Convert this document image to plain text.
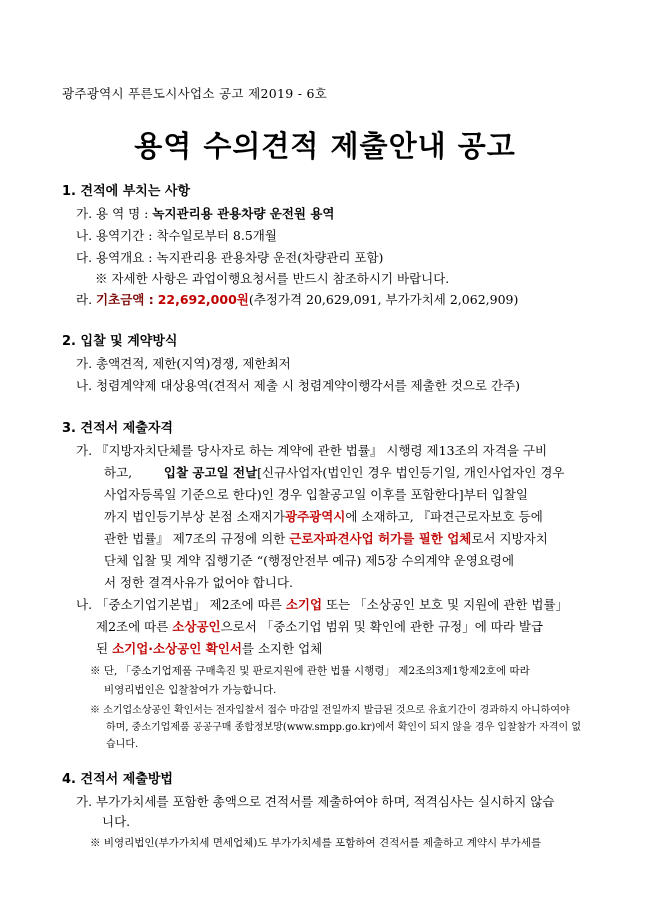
광주광역시 푸른도시사업소 공고 제2019 - 6호
용역 수의견적 제출안내 공고
1. 견적에 부치는 사항
가. 용 역 명 : 녹지관리용 관용차량 운전원 용역
나. 용역기간 : 착수일로부터 8.5개월
다. 용역개요 : 녹지관리용 관용차량 운전(차량관리 포함)
※ 자세한 사항은 과업이행요청서를 반드시 참조하시기 바랍니다.
라. 기초금액 : 22,692,000원(추정가격 20,629,091, 부가가치세 2,062,909)
2. 입찰 및 계약방식
가. 총액견적, 제한(지역)경쟁, 제한최저
나. 청렴계약제 대상용역(견적서 제출 시 청렴계약이행각서를 제출한 것으로 간주)
3. 견적서 제출자격
가. 『지방자치단체를 당사자로 하는 계약에 관한 법률』 시행령 제13조의 자격을 구비
하고,	입찰 공고일 전날[신규사업자(법인인 경우 법인등기일, 개인사업자인 경우
사업자등록일 기준으로 한다)인 경우 입찰공고일 이후를 포함한다]부터 입찰일
까지 법인등기부상 본점 소재지가광주광역시에 소재하고, 『파견근로자보호 등에
관한 법률』 제7조의 규정에 의한 근로자파견사업 허가를 필한 업체로서 지방자치
단체 입찰 및 계약 집행기준 “(행정안전부 예규) 제5장 수의계약 운영요령에
서 정한 결격사유가 없어야 합니다.
나. 「중소기업기본법」 제2조에 따른 소기업 또는 「소상공인 보호 및 지원에 관한 법률」
제2조에 따른 소상공인으로서 「중소기업 범위 및 확인에 관한 규정」에 따라 발급
된 소기업·소상공인 확인서를 소지한 업체
※ 단, 「중소기업제품 구매촉진 및 판로지원에 관한 법률 시행령」 제2조의3제1항제2호에 따라
비영리법인은 입찰참여가 가능합니다.
※ 소기업소상공인 확인서는 전자입찰서 접수 마감일 전일까지 발급된 것으로 유효기간이 경과하지 아니하여야
하며, 중소기업제품 공공구매 종합정보망(www.smpp.go.kr)에서 확인이 되지 않을 경우 입찰참가 자격이 없
습니다.
4. 견적서 제출방법
가. 부가가치세를 포함한 총액으로 견적서를 제출하여야 하며, 적격심사는 실시하지 않습
니다.
※ 비영리법인(부가가치세 면세업체)도 부가가치세를 포함하여 견적서를 제출하고 계약시 부가세를
